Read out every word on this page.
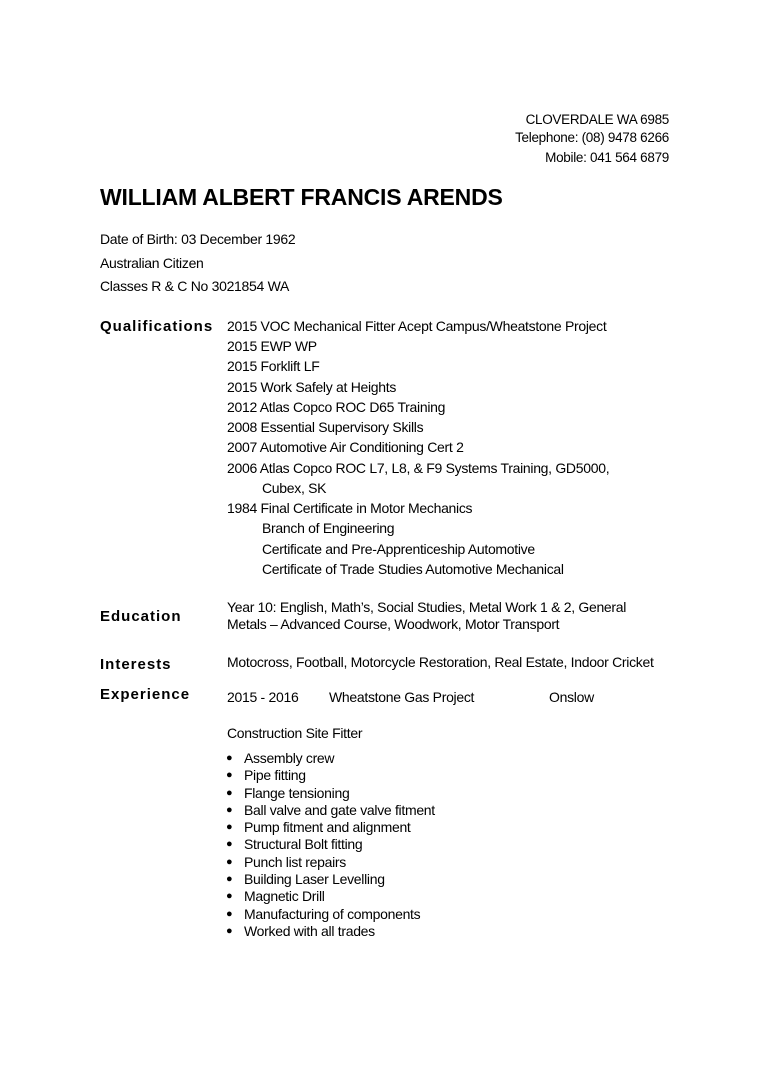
CLOVERDALE WA 6985
Telephone: (08) 9478 6266
Mobile: 041 564 6879
WILLIAM ALBERT FRANCIS ARENDS
Date of Birth: 03 December 1962
Australian Citizen
Classes R & C No 3021854 WA
Qualifications 2015 VOC Mechanical Fitter Acept Campus/Wheatstone Project
2015 EWP WP
2015 Forklift LF
2015 Work Safely at Heights
2012 Atlas Copco ROC D65 Training
2008 Essential Supervisory Skills
2007 Automotive Air Conditioning Cert 2
2006 Atlas Copco ROC L7, L8, & F9 Systems Training, GD5000,
Cubex, SK
1984 Final Certificate in Motor Mechanics
Branch of Engineering
Certificate and Pre-Apprenticeship Automotive
Certificate of Trade Studies Automotive Mechanical
Education
Year 10: English, Math’s, Social Studies, Metal Work 1 & 2, General
Metals – Advanced Course, Woodwork, Motor Transport
Interests	Motocross, Football, Motorcycle Restoration, Real Estate, Indoor Cricket
Experience	2015 - 2016 Wheatstone Gas Project	Onslow
Construction Site Fitter
● Assembly crew
● Pipe fitting
● Flange tensioning
● Ball valve and gate valve fitment
● Pump fitment and alignment
● Structural Bolt fitting
● Punch list repairs
● Building Laser Levelling
● Magnetic Drill
● Manufacturing of components
● Worked with all trades
